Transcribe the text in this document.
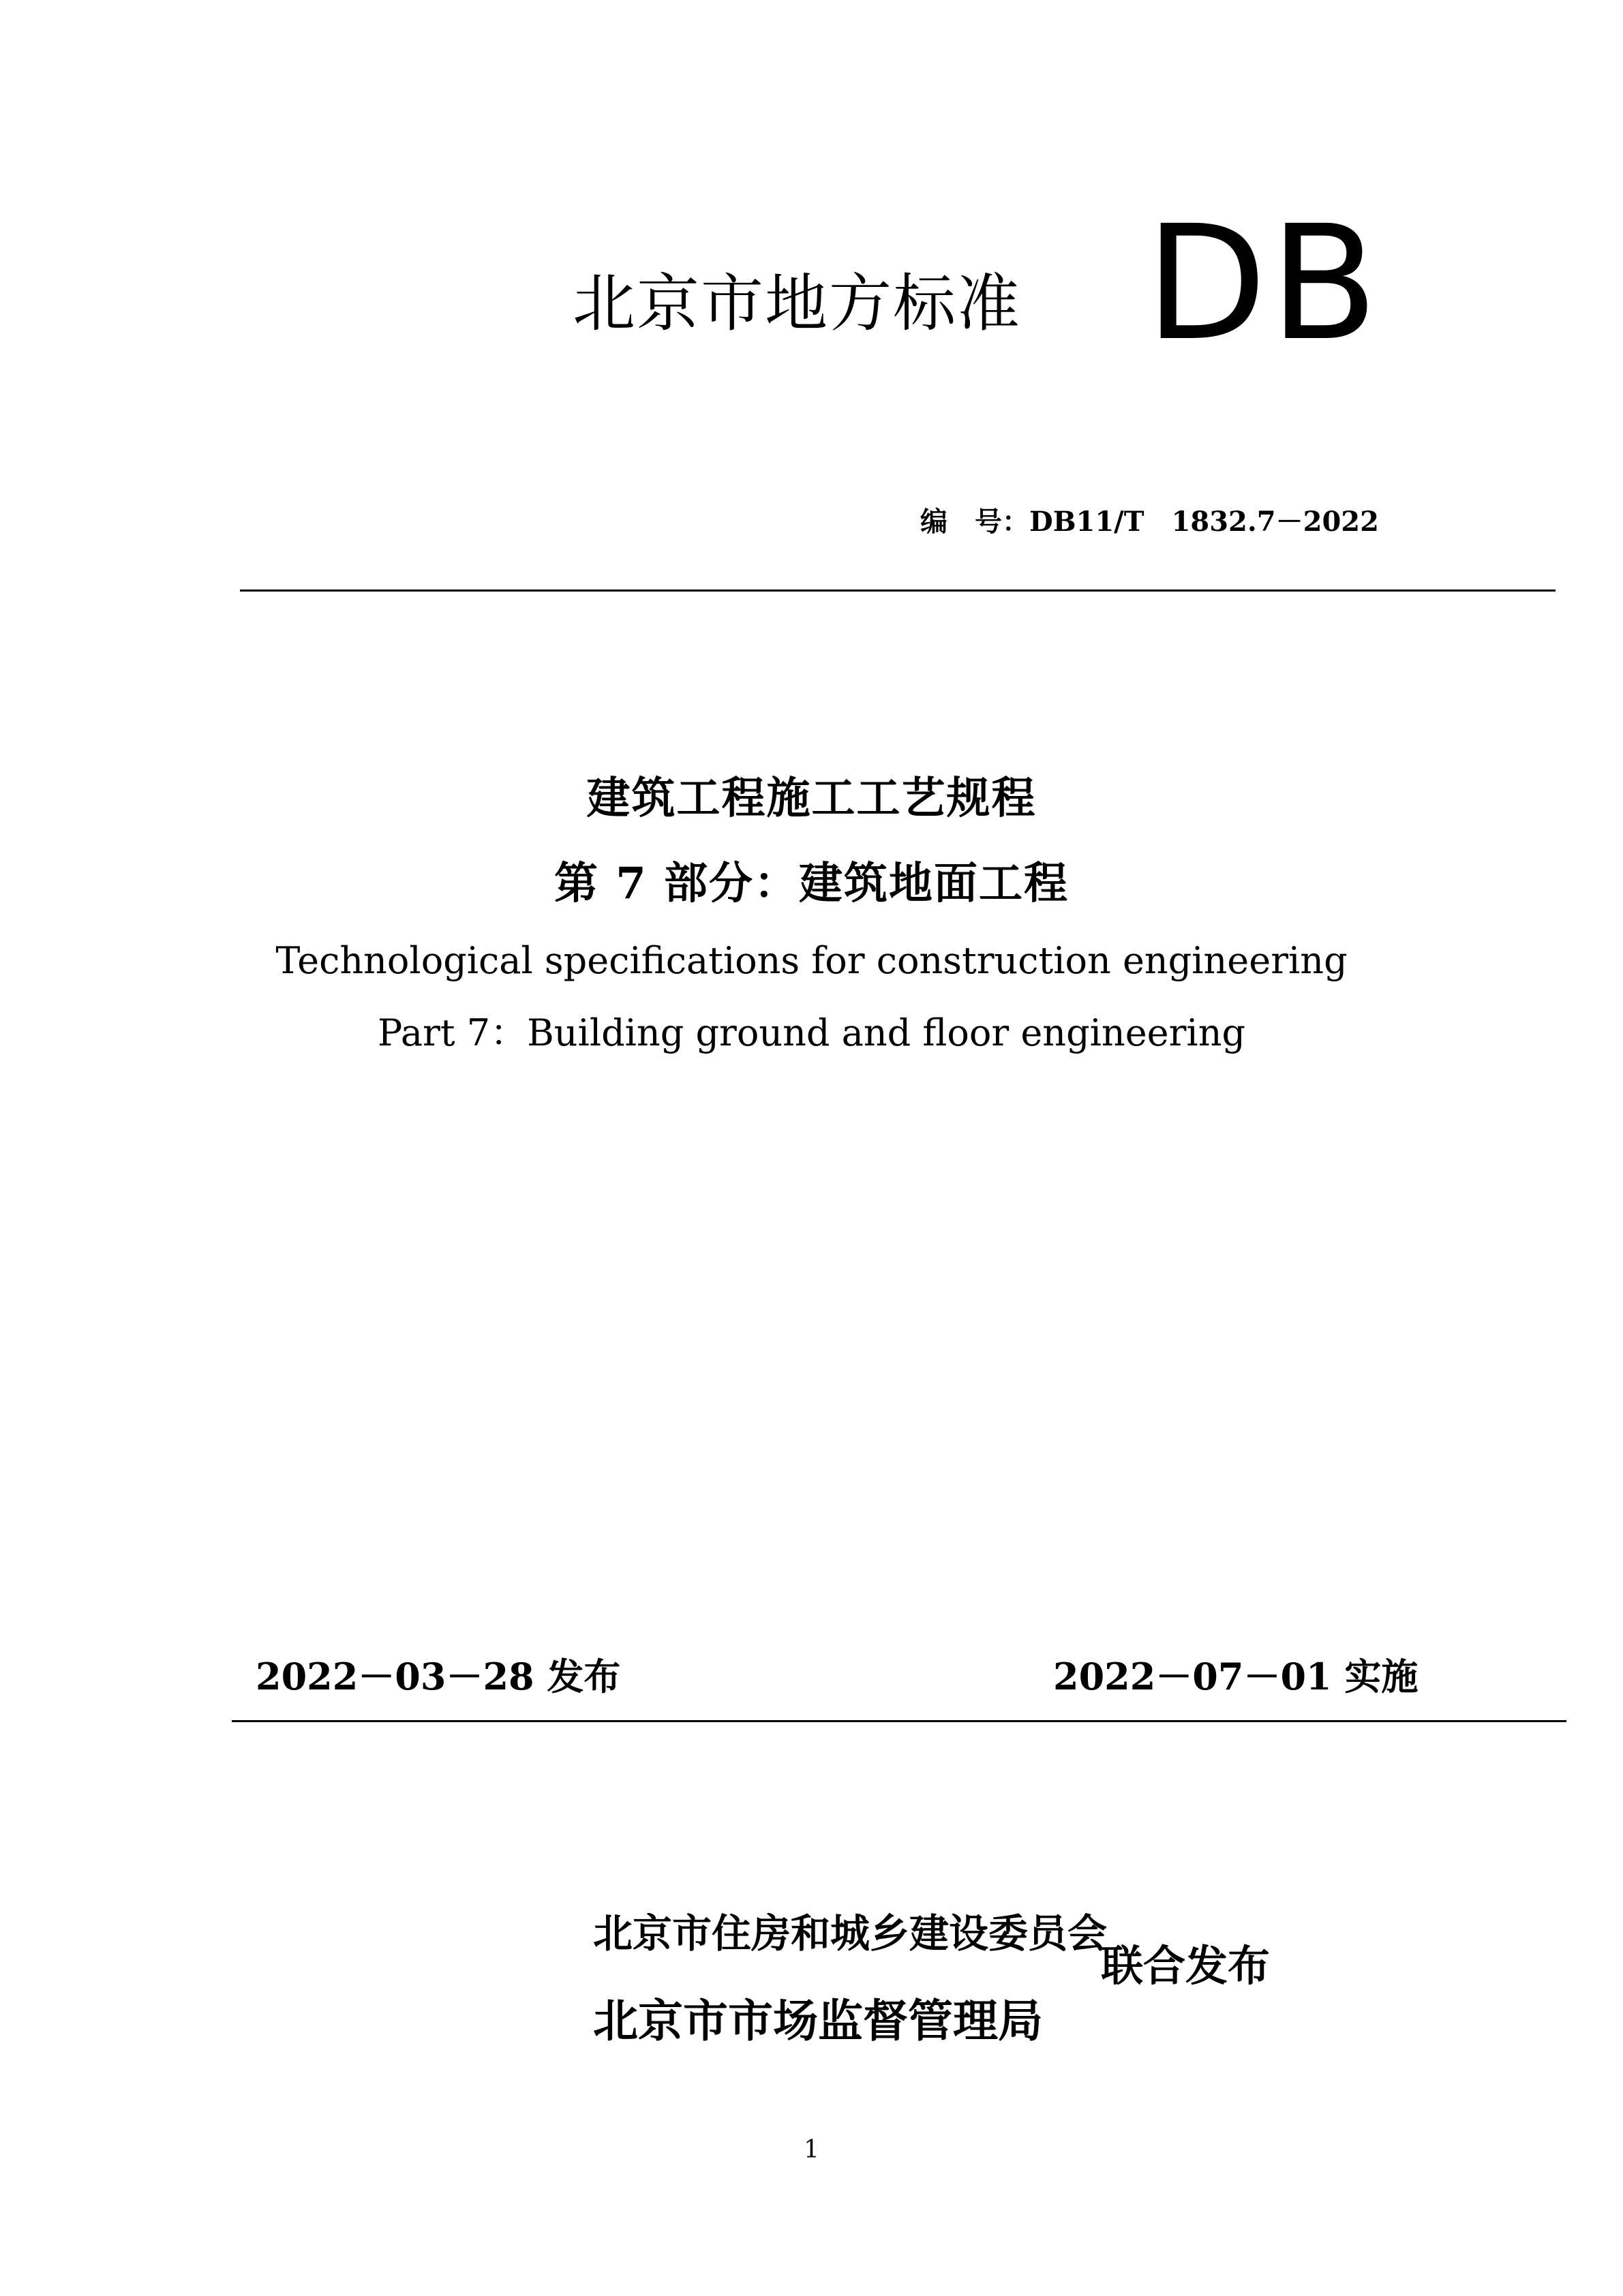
北京市地方标准 DB
编　号：DB11/T 1832.7－2022
建筑工程施工工艺规程
第 7 部分：建筑地面工程
Technological specifications for construction engineering
Part 7：Building ground and floor engineering
2022－03－28 发布	2022－07－01 实施
北京市住房和城乡建设委员会
北京市市场监督管理局
联合发布
1
